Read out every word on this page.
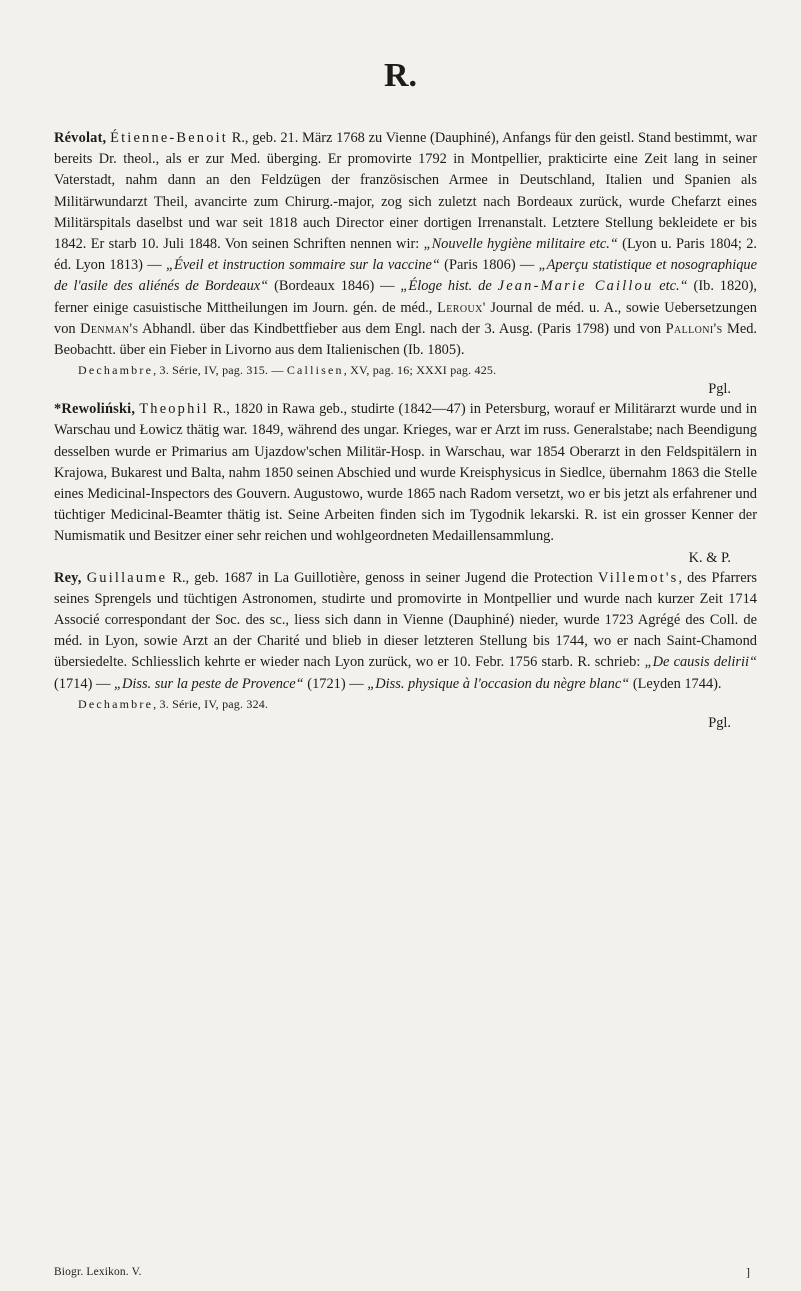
R.

Révolat, Étienne-Benoit R., geb. 21. März 1768 zu Vienne (Dauphiné), Anfangs für den geistl. Stand bestimmt, war bereits Dr. theol., als er zur Med. überging. Er promovirte 1792 in Montpellier, prakticirte eine Zeit lang in seiner Vaterstadt, nahm dann an den Feldzügen der französischen Armee in Deutschland, Italien und Spanien als Militärwundarzt Theil, avancirte zum Chirurg.-major, zog sich zuletzt nach Bordeaux zurück, wurde Chefarzt eines Militärspitals daselbst und war seit 1818 auch Director einer dortigen Irrenanstalt. Letztere Stellung bekleidete er bis 1842. Er starb 10. Juli 1848. Von seinen Schriften nennen wir: „Nouvelle hygiène militaire etc.“ (Lyon u. Paris 1804; 2. éd. Lyon 1813) — „Éveil et instruction sommaire sur la vaccine“ (Paris 1806) — „Aperçu statistique et nosographique de l'asile des aliénés de Bordeaux“ (Bordeaux 1846) — „Éloge hist. de Jean-Marie Caillou etc.“ (Ib. 1820), ferner einige casuistische Mittheilungen im Journ. gén. de méd., Leroux' Journal de méd. u. A., sowie Uebersetzungen von Denman's Abhandl. über das Kindbettfieber aus dem Engl. nach der 3. Ausg. (Paris 1798) und von Palloni's Med. Beobachtt. über ein Fieber in Livorno aus dem Italienischen (Ib. 1805).

Dechambre, 3. Série, IV, pag. 315. — Callisen, XV, pag. 16; XXXI pag. 425.

Pgl.

*Rewoliński, Theophil R., 1820 in Rawa geb., studirte (1842—47) in Petersburg, worauf er Militärarzt wurde und in Warschau und Łowicz thätig war. 1849, während des ungar. Krieges, war er Arzt im russ. Generalstabe; nach Beendigung desselben wurde er Primarius am Ujazdow'schen Militär-Hosp. in Warschau, war 1854 Oberarzt in den Feldspitälern in Krajowa, Bukarest und Balta, nahm 1850 seinen Abschied und wurde Kreisphysicus in Siedlce, übernahm 1863 die Stelle eines Medicinal-Inspectors des Gouvern. Augustowo, wurde 1865 nach Radom versetzt, wo er bis jetzt als erfahrener und tüchtiger Medicinal-Beamter thätig ist. Seine Arbeiten finden sich im Tygodnik lekarski. R. ist ein grosser Kenner der Numismatik und Besitzer einer sehr reichen und wohlgeordneten Medaillensammlung.

K. & P.

Rey, Guillaume R., geb. 1687 in La Guillotière, genoss in seiner Jugend die Protection Villemot's, des Pfarrers seines Sprengels und tüchtigen Astronomen, studirte und promovirte in Montpellier und wurde nach kurzer Zeit 1714 Associé correspondant der Soc. des sc., liess sich dann in Vienne (Dauphiné) nieder, wurde 1723 Agrégé des Coll. de méd. in Lyon, sowie Arzt an der Charité und blieb in dieser letzteren Stellung bis 1744, wo er nach Saint-Chamond übersiedelte. Schliesslich kehrte er wieder nach Lyon zurück, wo er 10. Febr. 1756 starb. R. schrieb: „De causis delirii“ (1714) — „Diss. sur la peste de Provence“ (1721) — „Diss. physique à l'occasion du nègre blanc“ (Leyden 1744).

Dechambre, 3. Série, IV, pag. 324.

Pgl.

Biogr. Lexikon. V.	]
